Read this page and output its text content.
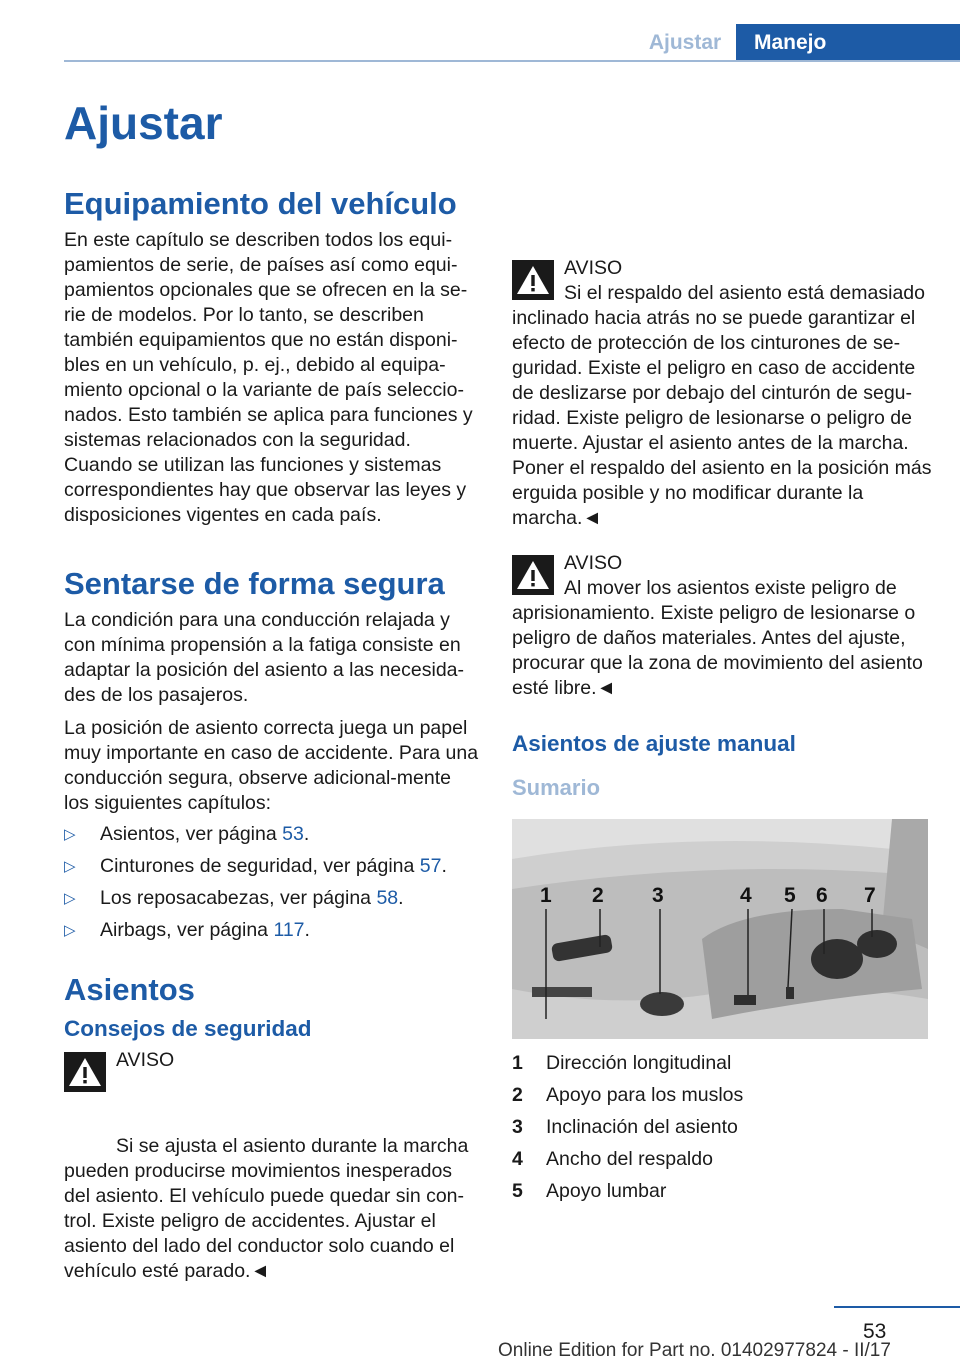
Ajustar	Manejo
Ajustar
Equipamiento del vehículo

En este capítulo se describen todos los equi-pamientos de serie, de países así como equi-pamientos opcionales que se ofrecen en la se-rie de modelos. Por lo tanto, se describen también equipamientos que no están disponi-bles en un vehículo, p. ej., debido al equipa-miento opcional o la variante de país seleccio-nados. Esto también se aplica para funciones y sistemas relacionados con la seguridad. Cuando se utilizan las funciones y sistemas correspondientes hay que observar las leyes y disposiciones vigentes en cada país.

Sentarse de forma segura

La condición para una conducción relajada y con mínima propensión a la fatiga consiste en adaptar la posición del asiento a las necesida-des de los pasajeros.

La posición de asiento correcta juega un papel muy importante en caso de accidente. Para una conducción segura, observe adicional-mente los siguientes capítulos:

▷ Asientos, ver página 53.
▷ Cinturones de seguridad, ver página 57.
▷ Los reposacabezas, ver página 58.
▷ Airbags, ver página 117.
Asientos
Consejos de seguridad
AVISO

Si se ajusta el asiento durante la marcha pueden producirse movimientos inesperados del asiento. El vehículo puede quedar sin con-trol. Existe peligro de accidentes. Ajustar el asiento del lado del conductor solo cuando el vehículo esté parado.◄

AVISO

Si el respaldo del asiento está demasiado inclinado hacia atrás no se puede garantizar el efecto de protección de los cinturones de se-guridad. Existe el peligro en caso de accidente de deslizarse por debajo del cinturón de segu-ridad. Existe peligro de lesionarse o peligro de muerte. Ajustar el asiento antes de la marcha. Poner el respaldo del asiento en la posición más erguida posible y no modificar durante la marcha.◄

AVISO

Al mover los asientos existe peligro de aprisionamiento. Existe peligro de lesionarse o peligro de daños materiales. Antes del ajuste, procurar que la zona de movimiento del asiento esté libre.◄

Asientos de ajuste manual
Sumario
1 2 3	4 5 6 7
1	Dirección longitudinal
2	Apoyo para los muslos
3	Inclinación del asiento
4	Ancho del respaldo
5	Apoyo lumbar
53
Online Edition for Part no. 01402977824 - II/17
